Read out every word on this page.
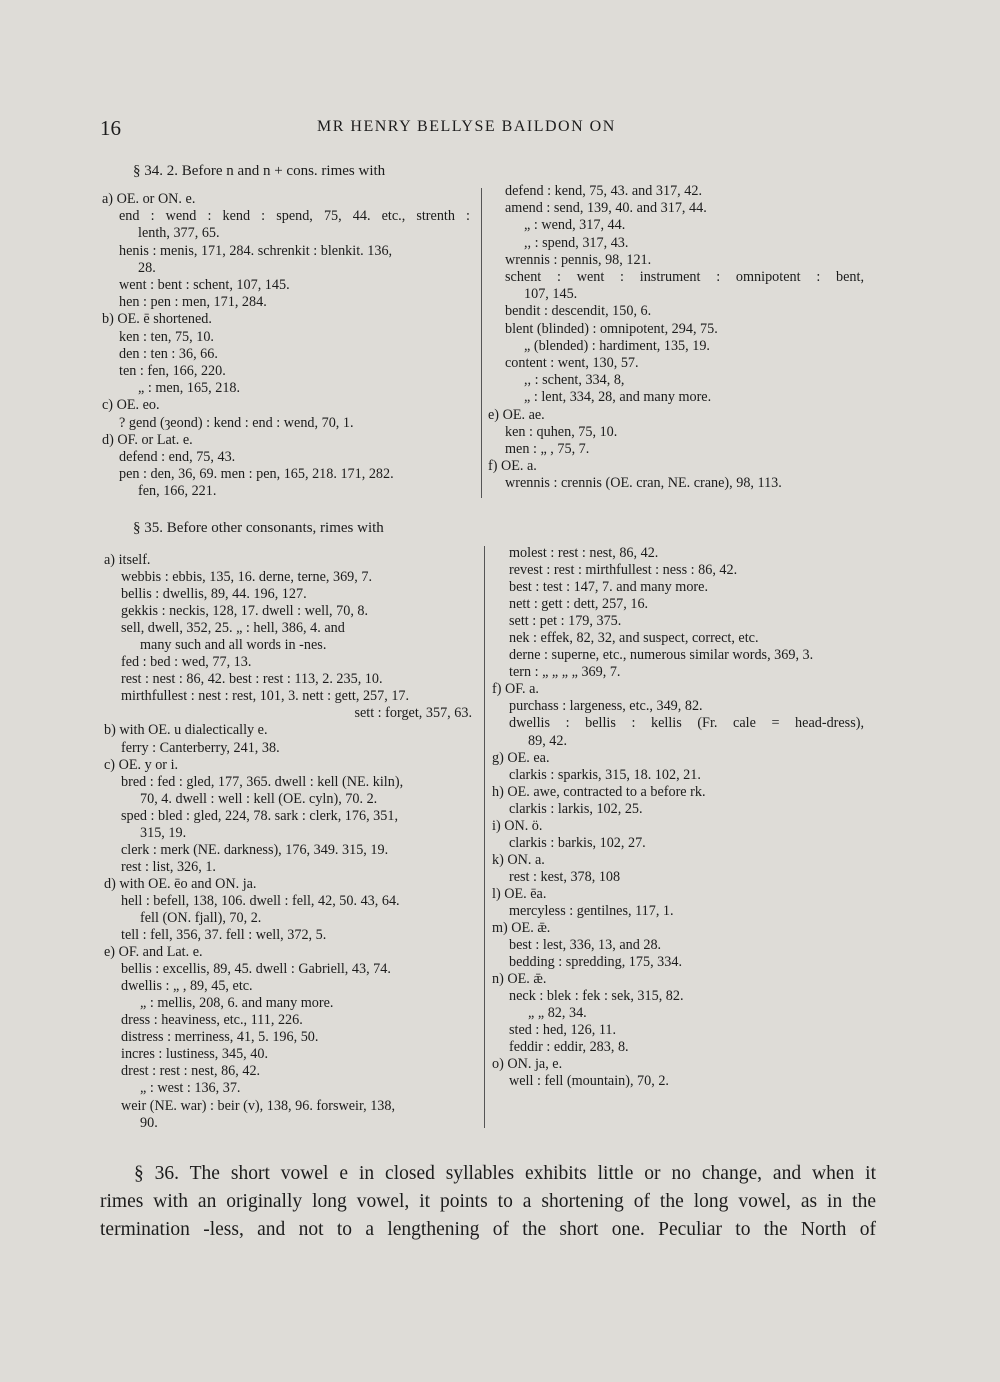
16	MR HENRY BELLYSE BAILDON ON
§ 34. 2. Before n and n + cons. rimes with
a) OE. or ON. e.
end : wend : kend : spend, 75, 44. etc., strenth :
lenth, 377, 65.
henis : menis, 171, 284. schrenkit : blenkit. 136,
28.
went : bent : schent, 107, 145.
hen : pen : men, 171, 284.
b) OE. ē shortened.
ken : ten, 75, 10.
den : ten : 36, 66.
ten : fen, 166, 220.
„ : men, 165, 218.
c) OE. eo.
? gend (ȝeond) : kend : end : wend, 70, 1.
d) OF. or Lat. e.
defend : end, 75, 43.
pen : den, 36, 69. men : pen, 165, 218. 171, 282.
fen, 166, 221.
defend : kend, 75, 43. and 317, 42.
amend : send, 139, 40. and 317, 44.
„ : wend, 317, 44.
,, : spend, 317, 43.
wrennis : pennis, 98, 121.
schent : went : instrument : omnipotent : bent,
107, 145.
bendit : descendit, 150, 6.
blent (blinded) : omnipotent, 294, 75.
„ (blended) : hardiment, 135, 19.
content : went, 130, 57.
,, : schent, 334, 8,
„ : lent, 334, 28, and many more.
e) OE. ae.
ken : quhen, 75, 10.
men : „ , 75, 7.
f) OE. a.
wrennis : crennis (OE. cran, NE. crane), 98, 113.
§ 35. Before other consonants, rimes with
a) itself.
webbis : ebbis, 135, 16. derne, terne, 369, 7.
bellis : dwellis, 89, 44. 196, 127.
gekkis : neckis, 128, 17. dwell : well, 70, 8.
sell, dwell, 352, 25. „ : hell, 386, 4. and
many such and all words in -nes.
fed : bed : wed, 77, 13.
rest : nest : 86, 42. best : rest : 113, 2. 235, 10.
mirthfullest : nest : rest, 101, 3. nett : gett, 257, 17.
sett : forget, 357, 63.
b) with OE. u dialectically e.
ferry : Canterberry, 241, 38.
c) OE. y or i.
bred : fed : gled, 177, 365. dwell : kell (NE. kiln),
70, 4. dwell : well : kell (OE. cyln), 70. 2.
sped : bled : gled, 224, 78. sark : clerk, 176, 351,
315, 19.
clerk : merk (NE. darkness), 176, 349. 315, 19.
rest : list, 326, 1.
d) with OE. ēo and ON. ja.
hell : befell, 138, 106. dwell : fell, 42, 50. 43, 64.
fell (ON. fjall), 70, 2.
tell : fell, 356, 37. fell : well, 372, 5.
e) OF. and Lat. e.
bellis : excellis, 89, 45. dwell : Gabriell, 43, 74.
dwellis : „ , 89, 45, etc.
„ : mellis, 208, 6. and many more.
dress : heaviness, etc., 111, 226.
distress : merriness, 41, 5. 196, 50.
incres : lustiness, 345, 40.
drest : rest : nest, 86, 42.
„ : west : 136, 37.
weir (NE. war) : beir (v), 138, 96. forsweir, 138,
90.
molest : rest : nest, 86, 42.
revest : rest : mirthfullest : ness : 86, 42.
best : test : 147, 7. and many more.
nett : gett : dett, 257, 16.
sett : pet : 179, 375.
nek : effek, 82, 32, and suspect, correct, etc.
derne : superne, etc., numerous similar words, 369, 3.
tern : „ „ „ „ 369, 7.
f) OF. a.
purchass : largeness, etc., 349, 82.
dwellis : bellis : kellis (Fr. cale = head-dress),
89, 42.
g) OE. ea.
clarkis : sparkis, 315, 18. 102, 21.
h) OE. awe, contracted to a before rk.
clarkis : larkis, 102, 25.
i) ON. ö.
clarkis : barkis, 102, 27.
k) ON. a.
rest : kest, 378, 108
l) OE. ēa.
mercyless : gentilnes, 117, 1.
m) OE. ǣ.
best : lest, 336, 13, and 28.
bedding : spredding, 175, 334.
n) OE. ǣ.
neck : blek : fek : sek, 315, 82.
„ „ 82, 34.
sted : hed, 126, 11.
feddir : eddir, 283, 8.
o) ON. ja, e.
well : fell (mountain), 70, 2.
§ 36. The short vowel e in closed syllables exhibits little or no change, and when it
rimes with an originally long vowel, it points to a shortening of the long vowel, as in the
termination -less, and not to a lengthening of the short one. Peculiar to the North of
